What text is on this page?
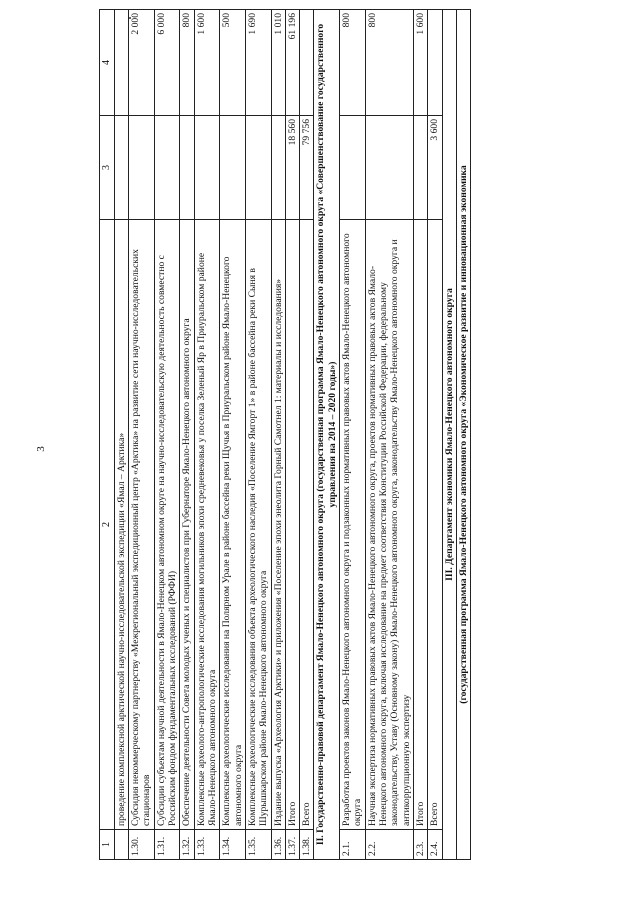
3
1	2	3	4
	проведение комплексной арктической научно-исследовательской экспедиции «Ямал – Арктика»		
1.30.	Субсидия некоммерческому партнерству «Межрегиональный экспедиционный центр «Арктика» на развитие сети научно-исследовательских стационаров		2 000
1.31.	Субсидии субъектам научной деятельности в Ямало-Ненецком автономном округе на научно-исследовательскую деятельность совместно с Российским фондом фундаментальных исследований (РФФИ)		6 000
1.32.	Обеспечение деятельности Совета молодых ученых и специалистов при Губернаторе Ямало-Ненецкого автономного округа		800
1.33.	Комплексные археолого-антропологические исследования могильников эпохи средневековья у поселка Зеленый Яр в Приуральском районе Ямало-Ненецкого автономного округа		1 600
1.34.	Комплексные археологические исследования на Полярном Урале в районе бассейна реки Щучья в Приуральском районе Ямало-Ненецкого автономного округа		500
1.35.	Комплексные археологические исследования объекта археологического наследия «Поселение Ямгорт 1» в районе бассейна реки Сыня в Шурышкарском районе Ямало-Ненецкого автономного округа		1 690
1.36.	Издание выпуска «Археология Арктики» и приложения «Поселение эпохи энеолита Горный Самотнел 1: материалы и исследования»		1 010
1.37.	Итого	18 560	61 196
1.38.	Всего	79 756	
II. Государственно-правовой департамент Ямало-Ненецкого автономного округа (государственная программа Ямало-Ненецкого автономного округа «Совершенствование государственного управления на 2014 – 2020 годы»)			
2.1.	Разработка проектов законов Ямало-Ненецкого автономного округа и подзаконных нормативных правовых актов Ямало-Ненецкого автономного округа		800
2.2.	Научная экспертиза нормативных правовых актов Ямало-Ненецкого автономного округа, проектов нормативных правовых актов Ямало-Ненецкого автономного округа, включая исследование на предмет соответствия Конституции Российской Федерации, федеральному законодательству, Уставу (Основному закону) Ямало-Ненецкого автономного округа, законодательству Ямало-Ненецкого автономного округа и антикоррупционную экспертизу		800
2.3.	Итого		1 600
2.4.	Всего	3 600	
III. Департамент экономики Ямало-Ненецкого автономного округа			
(государственная программа Ямало-Ненецкого автономного округа «Экономическое развитие и инновационная экономика			
